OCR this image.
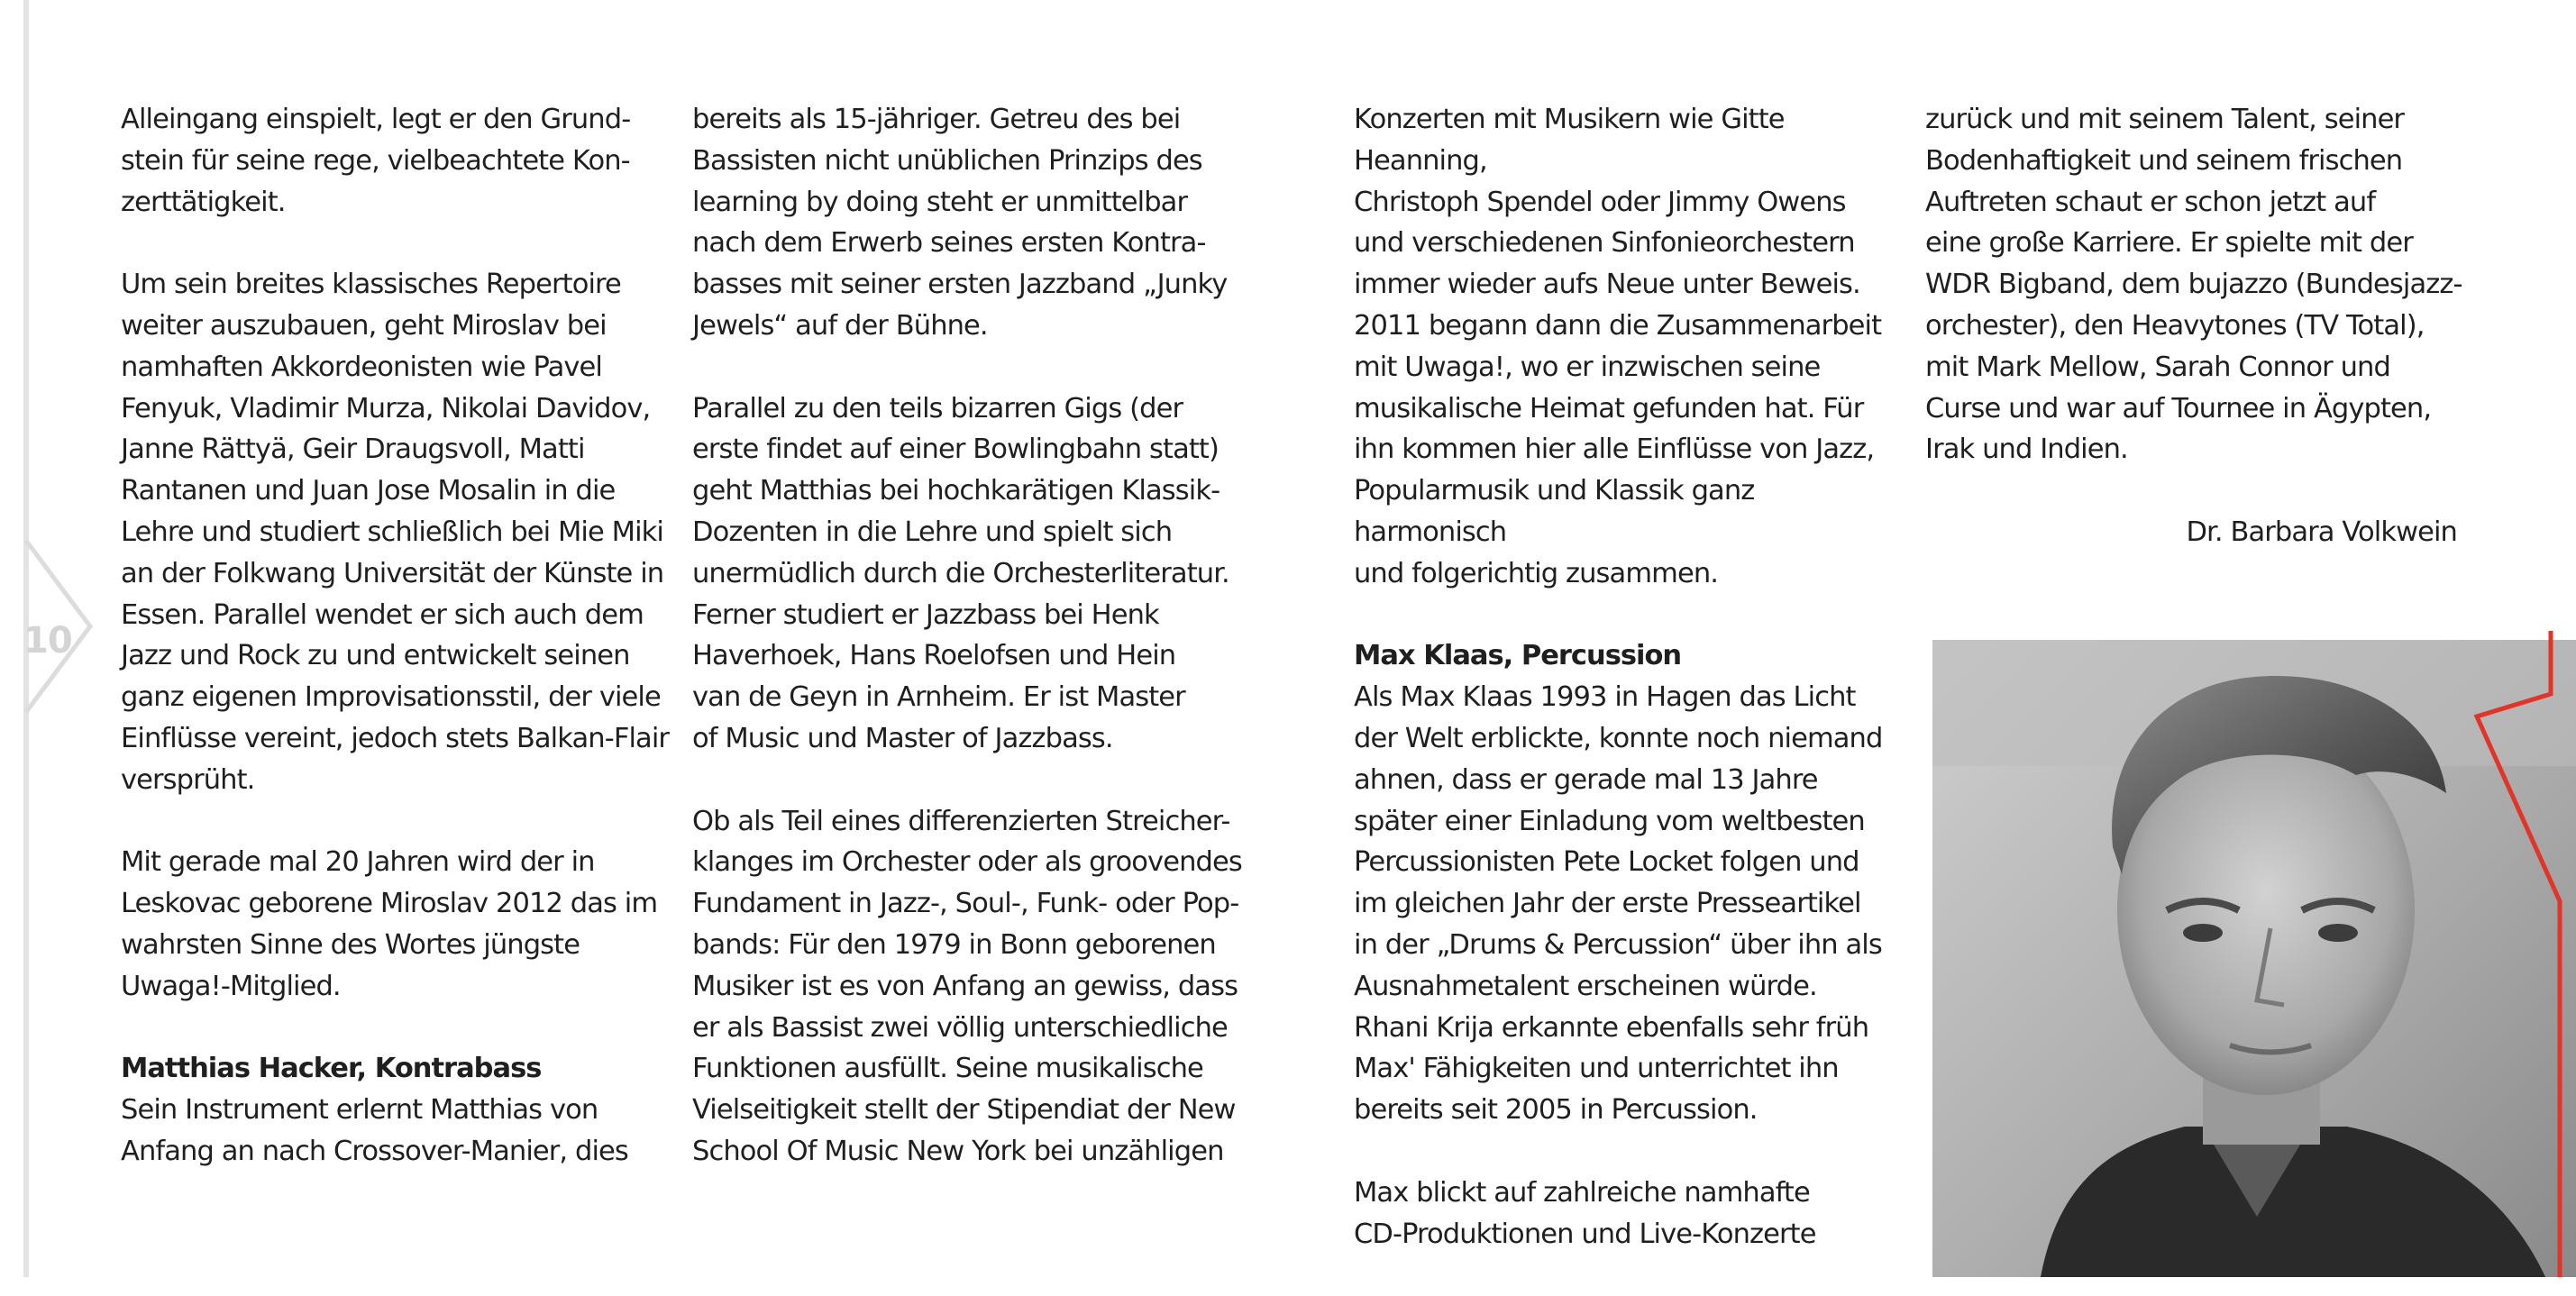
10

Alleingang einspielt, legt er den Grund-
stein für seine rege, vielbeachtete Kon-
zerttätigkeit.

Um sein breites klassisches Repertoire
weiter auszubauen, geht Miroslav bei
namhaften Akkordeonisten wie Pavel
Fenyuk, Vladimir Murza, Nikolai Davidov,
Janne Rättyä, Geir Draugsvoll, Matti
Rantanen und Juan Jose Mosalin in die
Lehre und studiert schließlich bei Mie Miki
an der Folkwang Universität der Künste in
Essen. Parallel wendet er sich auch dem
Jazz und Rock zu und entwickelt seinen
ganz eigenen Improvisationsstil, der viele
Einflüsse vereint, jedoch stets Balkan-Flair
versprüht.

Mit gerade mal 20 Jahren wird der in
Leskovac geborene Miroslav 2012 das im
wahrsten Sinne des Wortes jüngste
Uwaga!-Mitglied.

Matthias Hacker, Kontrabass

Sein Instrument erlernt Matthias von
Anfang an nach Crossover-Manier, dies

bereits als 15-jähriger. Getreu des bei
Bassisten nicht unüblichen Prinzips des
learning by doing steht er unmittelbar
nach dem Erwerb seines ersten Kontra-
basses mit seiner ersten Jazzband „Junky
Jewels“ auf der Bühne.

Parallel zu den teils bizarren Gigs (der
erste findet auf einer Bowlingbahn statt)
geht Matthias bei hochkarätigen Klassik-
Dozenten in die Lehre und spielt sich
unermüdlich durch die Orchesterliteratur.
Ferner studiert er Jazzbass bei Henk
Haverhoek, Hans Roelofsen und Hein
van de Geyn in Arnheim. Er ist Master
of Music und Master of Jazzbass.

Ob als Teil eines differenzierten Streicher-
klanges im Orchester oder als groovendes
Fundament in Jazz-, Soul-, Funk- oder Pop-
bands: Für den 1979 in Bonn geborenen
Musiker ist es von Anfang an gewiss, dass
er als Bassist zwei völlig unterschiedliche
Funktionen ausfüllt. Seine musikalische
Vielseitigkeit stellt der Stipendiat der New
School Of Music New York bei unzähligen

Konzerten mit Musikern wie Gitte Heanning,
Christoph Spendel oder Jimmy Owens
und verschiedenen Sinfonieorchestern
immer wieder aufs Neue unter Beweis.
2011 begann dann die Zusammenarbeit
mit Uwaga!, wo er inzwischen seine
musikalische Heimat gefunden hat. Für
ihn kommen hier alle Einflüsse von Jazz,
Popularmusik und Klassik ganz harmonisch
und folgerichtig zusammen.

Max Klaas, Percussion

Als Max Klaas 1993 in Hagen das Licht
der Welt erblickte, konnte noch niemand
ahnen, dass er gerade mal 13 Jahre
später einer Einladung vom weltbesten
Percussionisten Pete Locket folgen und
im gleichen Jahr der erste Presseartikel
in der „Drums & Percussion“ über ihn als
Ausnahmetalent erscheinen würde.
Rhani Krija erkannte ebenfalls sehr früh
Max' Fähigkeiten und unterrichtet ihn
bereits seit 2005 in Percussion.

Max blickt auf zahlreiche namhafte
CD-Produktionen und Live-Konzerte

zurück und mit seinem Talent, seiner
Bodenhaftigkeit und seinem frischen
Auftreten schaut er schon jetzt auf
eine große Karriere. Er spielte mit der
WDR Bigband, dem bujazzo (Bundesjazz-
orchester), den Heavytones (TV Total),
mit Mark Mellow, Sarah Connor und
Curse und war auf Tournee in Ägypten,
Irak und Indien.

Dr. Barbara Volkwein
